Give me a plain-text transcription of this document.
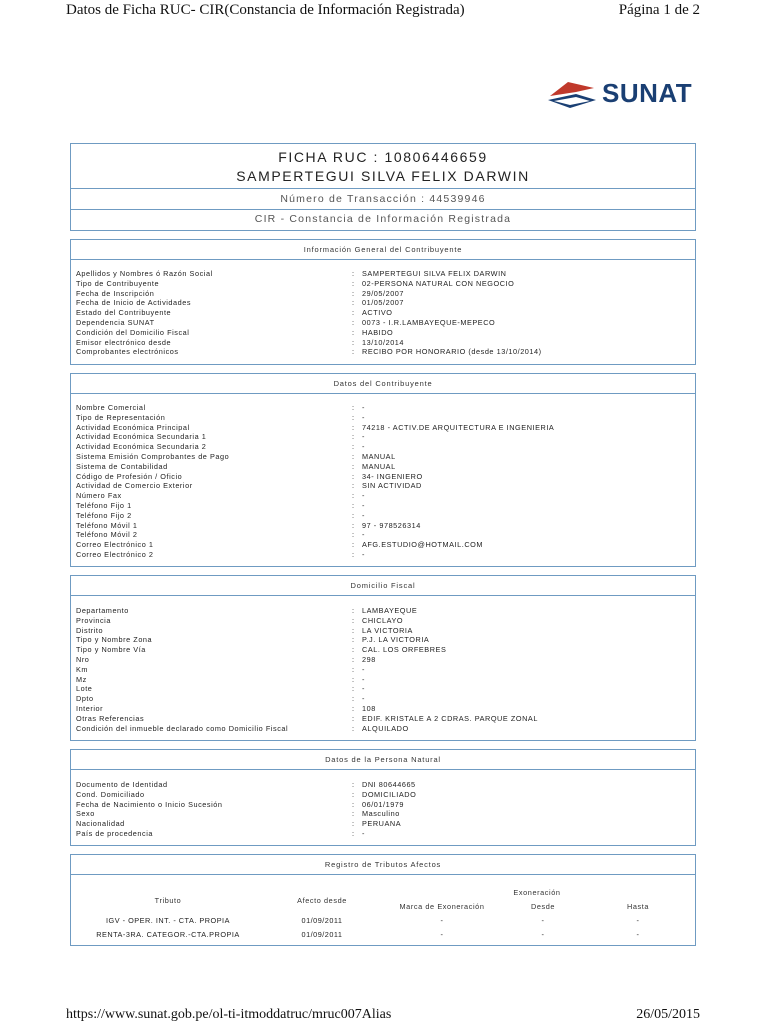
Datos de Ficha RUC- CIR(Constancia de Información Registrada)	Página 1 de 2
SUNAT
FICHA RUC : 10806446659
SAMPERTEGUI SILVA FELIX DARWIN
Número de Transacción : 44539946
CIR - Constancia de Información Registrada
Información General del Contribuyente
Apellidos y Nombres ó Razón Social	: SAMPERTEGUI SILVA FELIX DARWIN
Tipo de Contribuyente	: 02-PERSONA NATURAL CON NEGOCIO
Fecha de Inscripción	: 29/05/2007
Fecha de Inicio de Actividades	: 01/05/2007
Estado del Contribuyente	: ACTIVO
Dependencia SUNAT	: 0073 - I.R.LAMBAYEQUE-MEPECO
Condición del Domicilio Fiscal	: HABIDO
Emisor electrónico desde	: 13/10/2014
Comprobantes electrónicos	: RECIBO POR HONORARIO (desde 13/10/2014)
Datos del Contribuyente
Nombre Comercial	: -
Tipo de Representación	: -
Actividad Económica Principal	: 74218 - ACTIV.DE ARQUITECTURA E INGENIERIA
Actividad Económica Secundaria 1	: -
Actividad Económica Secundaria 2	: -
Sistema Emisión Comprobantes de Pago	: MANUAL
Sistema de Contabilidad	: MANUAL
Código de Profesión / Oficio	: 34- INGENIERO
Actividad de Comercio Exterior	: SIN ACTIVIDAD
Número Fax	: -
Teléfono Fijo 1	: -
Teléfono Fijo 2	: -
Teléfono Móvil 1	: 97 - 978526314
Teléfono Móvil 2	: -
Correo Electrónico 1	: AFG.ESTUDIO@HOTMAIL.COM
Correo Electrónico 2	: -
Domicilio Fiscal
Departamento	: LAMBAYEQUE
Provincia	: CHICLAYO
Distrito	: LA VICTORIA
Tipo y Nombre Zona	: P.J. LA VICTORIA
Tipo y Nombre Vía	: CAL. LOS ORFEBRES
Nro	: 298
Km	: -
Mz	: -
Lote	: -
Dpto	: -
Interior	: 108
Otras Referencias	: EDIF. KRISTALE A 2 CDRAS. PARQUE ZONAL
Condición del inmueble declarado como Domicilio Fiscal	: ALQUILADO
Datos de la Persona Natural
Documento de Identidad	: DNI 80644665
Cond. Domiciliado	: DOMICILIADO
Fecha de Nacimiento o Inicio Sucesión	: 06/01/1979
Sexo	: Masculino
Nacionalidad	: PERUANA
País de procedencia	: -
Registro de Tributos Afectos
Tributo	Afecto desde
Marca de Exoneración
Exoneración
Desde	Hasta
IGV - OPER. INT. - CTA. PROPIA	01/09/2011	-	-	-
RENTA-3RA. CATEGOR.-CTA.PROPIA	01/09/2011	-	-	-
https://www.sunat.gob.pe/ol-ti-itmoddatruc/mruc007Alias	26/05/2015
